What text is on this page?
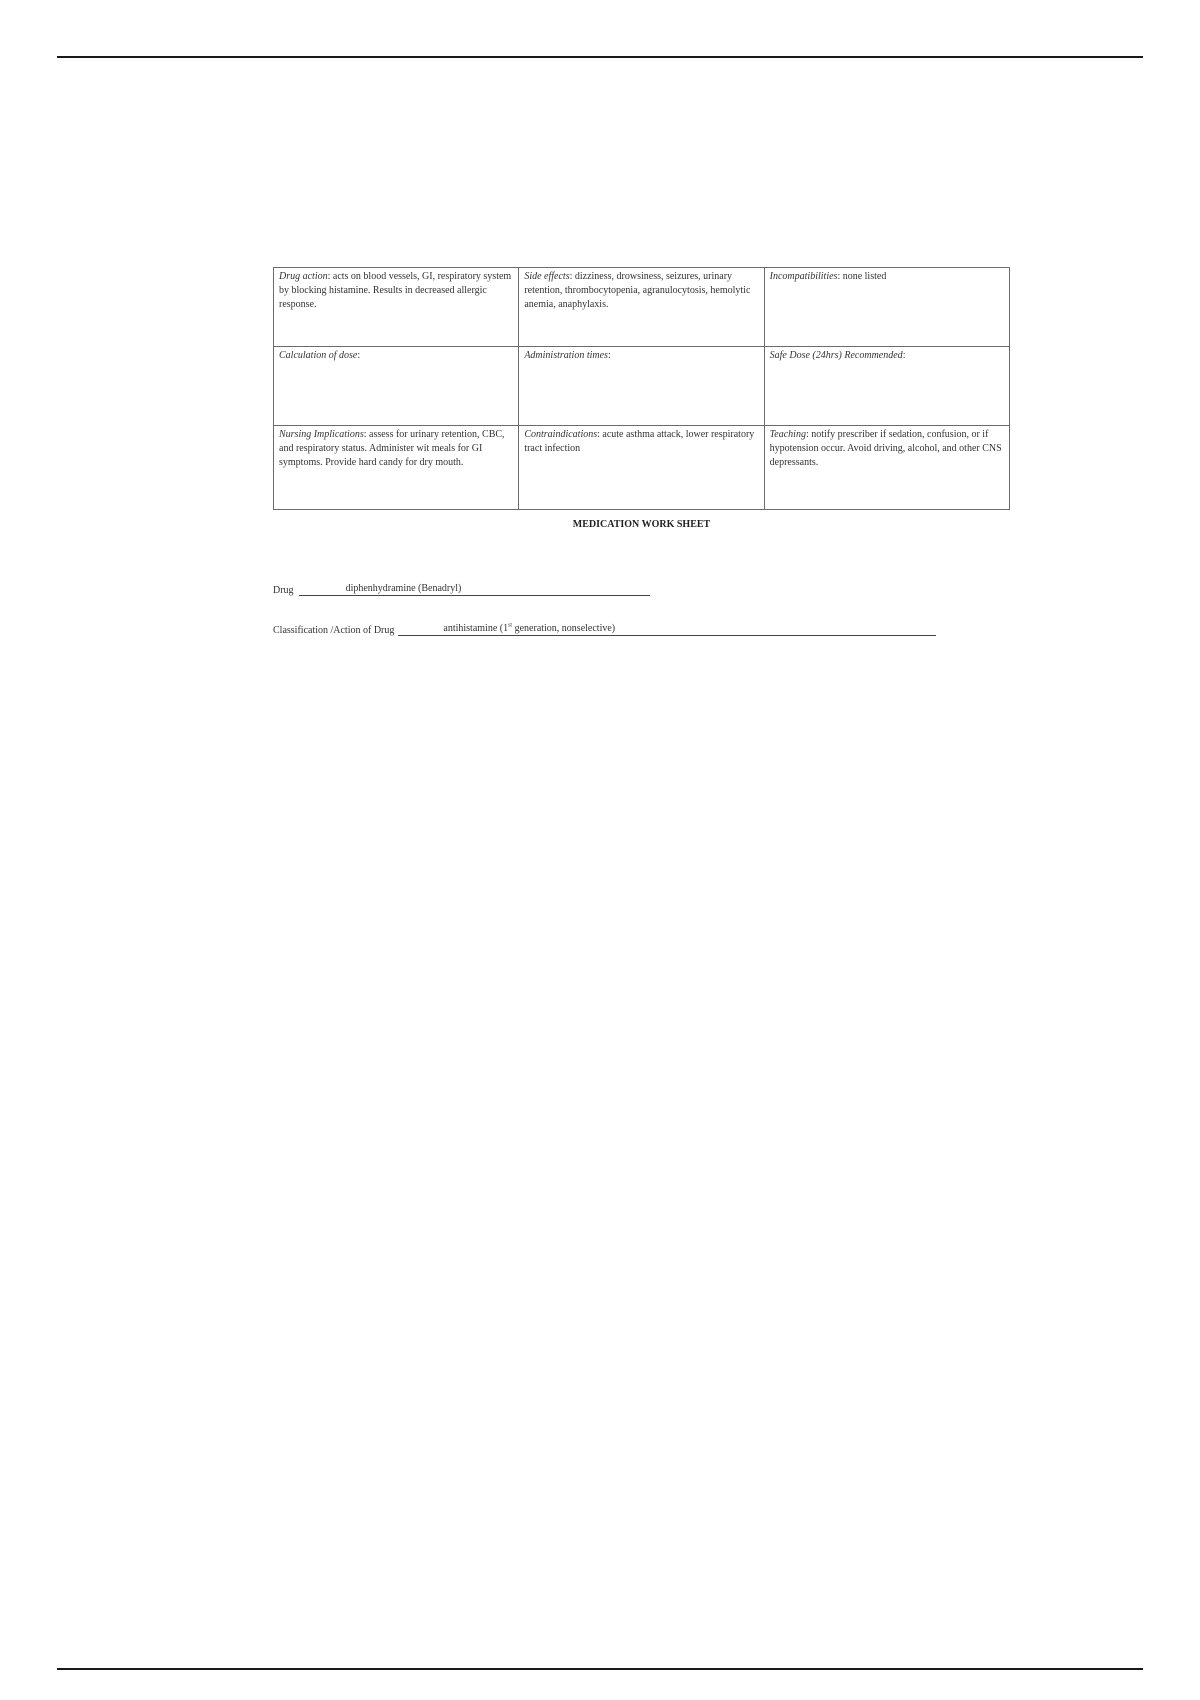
Drug action: acts on blood vessels, GI, respiratory system by blocking histamine. Results in decreased allergic response.	Side effects: dizziness, drowsiness, seizures, urinary retention, thrombocytopenia, agranulocytosis, hemolytic anemia, anaphylaxis.	Incompatibilities: none listed
Calculation of dose:	Administration times:	Safe Dose (24hrs) Recommended:
Nursing Implications: assess for urinary retention, CBC, and respiratory status. Administer wit meals for GI symptoms. Provide hard candy for dry mouth.	Contraindications: acute asthma attack, lower respiratory tract infection	Teaching: notify prescriber if sedation, confusion, or if hypotension occur. Avoid driving, alcohol, and other CNS depressants.
MEDICATION WORK SHEET
Drug	diphenhydramine (Benadryl)
Classification /Action of Drug	antihistamine (1st generation, nonselective)
